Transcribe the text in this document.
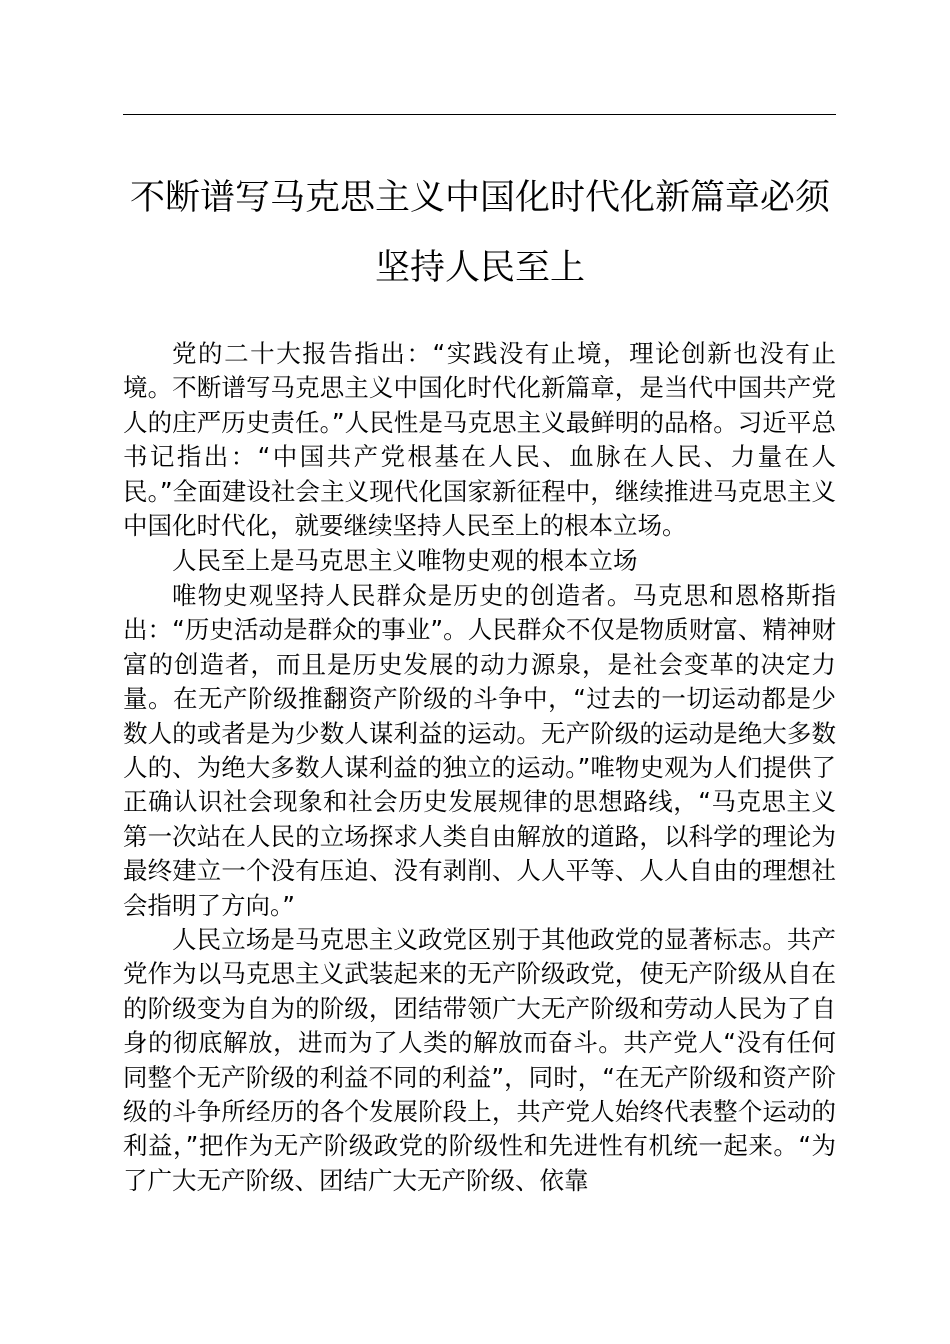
不断谱写马克思主义中国化时代化新篇章必须
坚持人民至上

党的二十大报告指出：“实践没有止境，理论创新也没有止境。不断谱写马克思主义中国化时代化新篇章，是当代中国共产党人的庄严历史责任。”人民性是马克思主义最鲜明的品格。习近平总书记指出：“中国共产党根基在人民、血脉在人民、力量在人民。”全面建设社会主义现代化国家新征程中，继续推进马克思主义中国化时代化，就要继续坚持人民至上的根本立场。

人民至上是马克思主义唯物史观的根本立场

唯物史观坚持人民群众是历史的创造者。马克思和恩格斯指出：“历史活动是群众的事业”。人民群众不仅是物质财富、精神财富的创造者，而且是历史发展的动力源泉，是社会变革的决定力量。在无产阶级推翻资产阶级的斗争中，“过去的一切运动都是少数人的或者是为少数人谋利益的运动。无产阶级的运动是绝大多数人的、为绝大多数人谋利益的独立的运动。”唯物史观为人们提供了正确认识社会现象和社会历史发展规律的思想路线，“马克思主义第一次站在人民的立场探求人类自由解放的道路，以科学的理论为最终建立一个没有压迫、没有剥削、人人平等、人人自由的理想社会指明了方向。”

人民立场是马克思主义政党区别于其他政党的显著标志。共产党作为以马克思主义武装起来的无产阶级政党，使无产阶级从自在的阶级变为自为的阶级，团结带领广大无产阶级和劳动人民为了自身的彻底解放，进而为了人类的解放而奋斗。共产党人“没有任何同整个无产阶级的利益不同的利益”，同时，“在无产阶级和资产阶级的斗争所经历的各个发展阶段上，共产党人始终代表整个运动的利益，”把作为无产阶级政党的阶级性和先进性有机统一起来。“为了广大无产阶级、团结广大无产阶级、依靠
